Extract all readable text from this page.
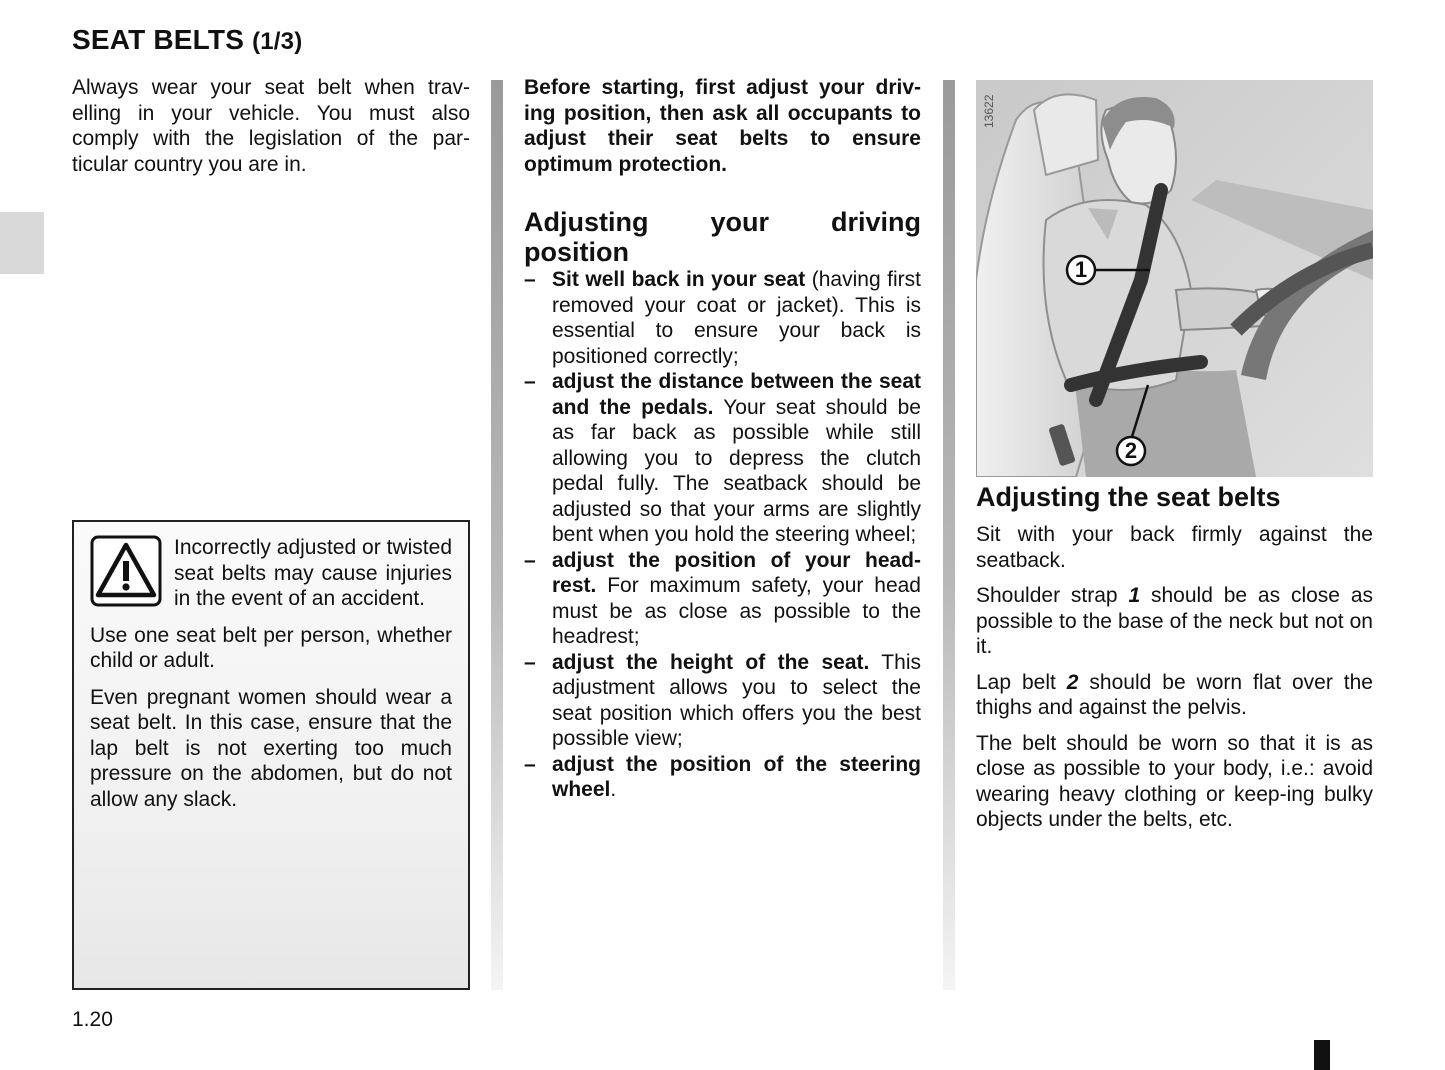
SEAT BELTS (1/3)

Always wear your seat belt when trav-elling in your vehicle. You must also comply with the legislation of the par-ticular country you are in.

Incorrectly adjusted or twisted seat belts may cause injuries in the event of an accident.

Use one seat belt per person, whether child or adult.

Even pregnant women should wear a seat belt. In this case, ensure that the lap belt is not exerting too much pressure on the abdomen, but do not allow any slack.

Before starting, first adjust your driv-ing position, then ask all occupants to adjust their seat belts to ensure optimum protection.

Adjusting your driving position
– Sit well back in your seat (having first removed your coat or jacket). This is essential to ensure your back is positioned correctly;
– adjust the distance between the seat and the pedals. Your seat should be as far back as possible while still allowing you to depress the clutch pedal fully. The seatback should be adjusted so that your arms are slightly bent when you hold the steering wheel;
– adjust the position of your head-rest. For maximum safety, your head must be as close as possible to the headrest;
– adjust the height of the seat. This adjustment allows you to select the seat position which offers you the best possible view;
– adjust the position of the steering wheel.
13622
1
2
Adjusting the seat belts

Sit with your back firmly against the seatback.

Shoulder strap 1 should be as close as possible to the base of the neck but not on it.

Lap belt 2 should be worn flat over the thighs and against the pelvis.

The belt should be worn so that it is as close as possible to your body, i.e.: avoid wearing heavy clothing or keep-ing bulky objects under the belts, etc.

1.20
